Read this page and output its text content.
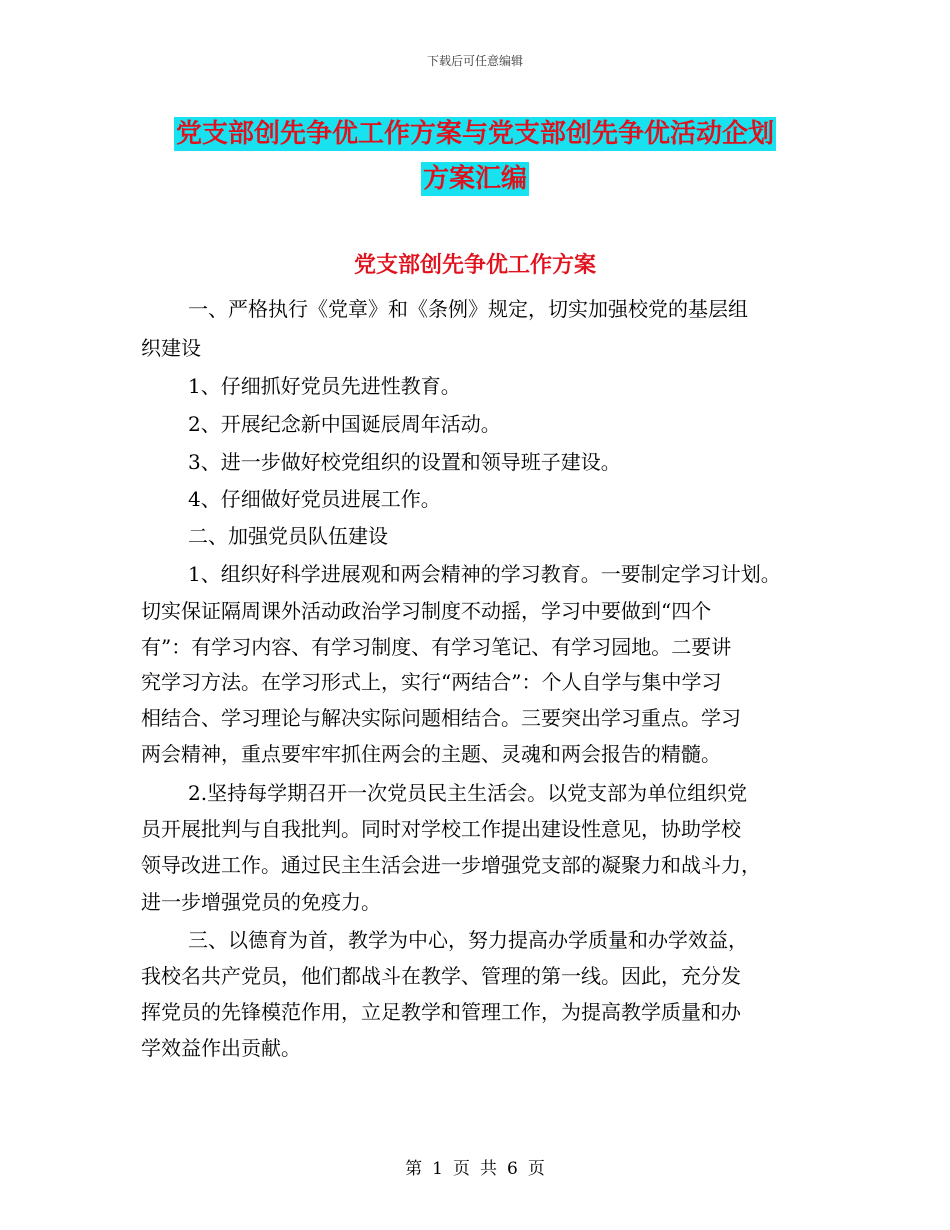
下载后可任意编辑
党支部创先争优工作方案与党支部创先争优活动企划
方案汇编
党支部创先争优工作方案
一、严格执行《党章》和《条例》规定，切实加强校党的基层组
织建设
1、仔细抓好党员先进性教育。
2、开展纪念新中国诞辰周年活动。
3、进一步做好校党组织的设置和领导班子建设。
4、仔细做好党员进展工作。
二、加强党员队伍建设
1、组织好科学进展观和两会精神的学习教育。一要制定学习计划。
切实保证隔周课外活动政治学习制度不动摇，学习中要做到“四个
有”：有学习内容、有学习制度、有学习笔记、有学习园地。二要讲
究学习方法。在学习形式上，实行“两结合”：个人自学与集中学习
相结合、学习理论与解决实际问题相结合。三要突出学习重点。学习
两会精神，重点要牢牢抓住两会的主题、灵魂和两会报告的精髓。
2.坚持每学期召开一次党员民主生活会。以党支部为单位组织党
员开展批判与自我批判。同时对学校工作提出建设性意见，协助学校
领导改进工作。通过民主生活会进一步增强党支部的凝聚力和战斗力，
进一步增强党员的免疫力。
三、以德育为首，教学为中心，努力提高办学质量和办学效益，
我校名共产党员，他们都战斗在教学、管理的第一线。因此，充分发
挥党员的先锋模范作用，立足教学和管理工作，为提高教学质量和办
学效益作出贡献。
第 1 页 共 6 页
